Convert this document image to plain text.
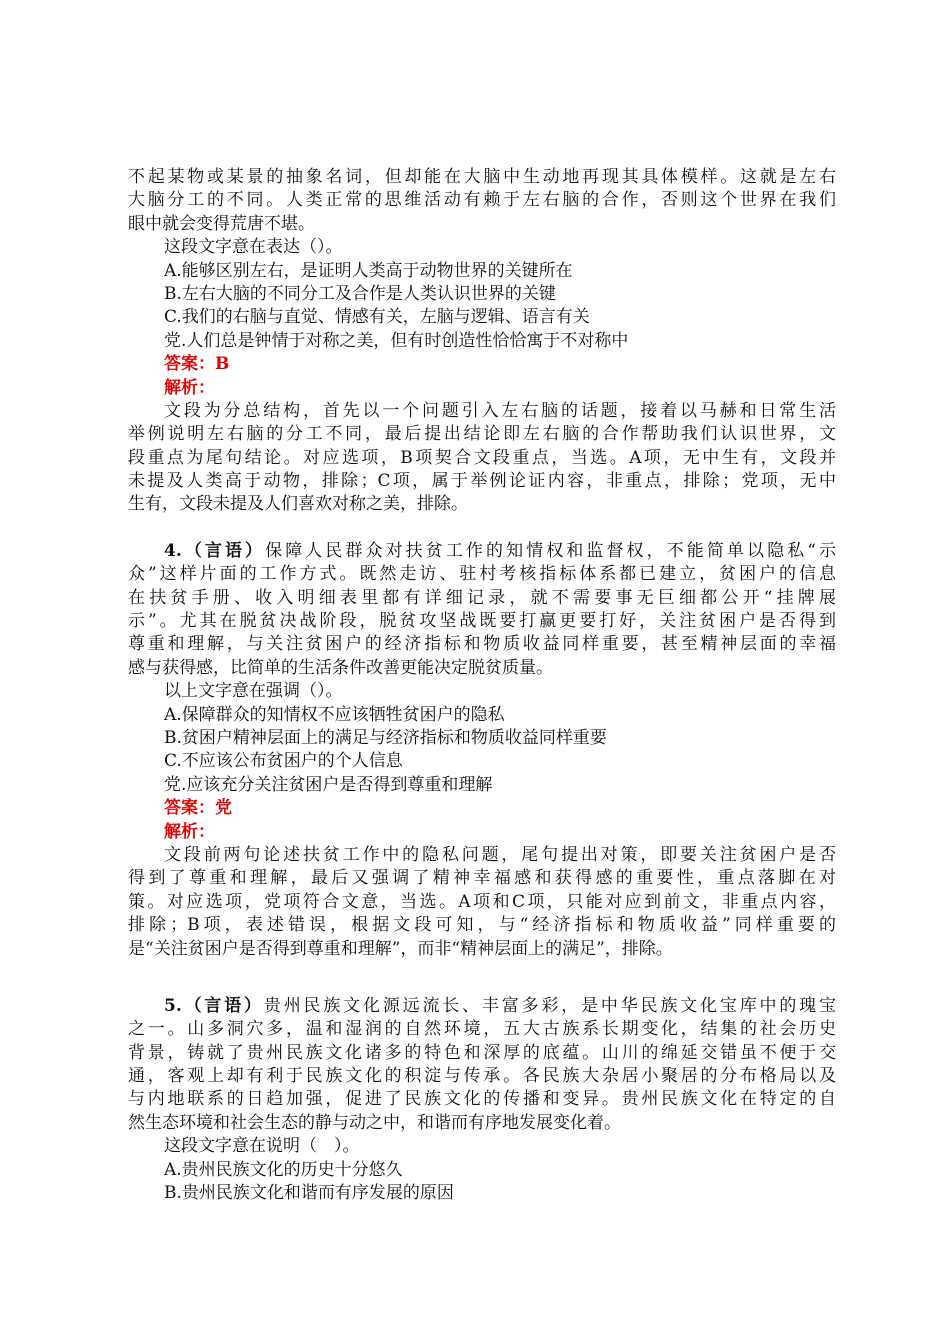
不起某物或某景的抽象名词，但却能在大脑中生动地再现其具体模样。这就是左右
大脑分工的不同。人类正常的思维活动有赖于左右脑的合作，否则这个世界在我们
眼中就会变得荒唐不堪。
这段文字意在表达（）。
A.能够区别左右，是证明人类高于动物世界的关键所在
B.左右大脑的不同分工及合作是人类认识世界的关键
C.我们的右脑与直觉、情感有关，左脑与逻辑、语言有关
党.人们总是钟情于对称之美，但有时创造性恰恰寓于不对称中
答案：B
解析：
文段为分总结构，首先以一个问题引入左右脑的话题，接着以马赫和日常生活
举例说明左右脑的分工不同，最后提出结论即左右脑的合作帮助我们认识世界，文
段重点为尾句结论。对应选项，B项契合文段重点，当选。A项，无中生有，文段并
未提及人类高于动物，排除；C项，属于举例论证内容，非重点，排除；党项，无中
生有，文段未提及人们喜欢对称之美，排除。
4.（言语）保障人民群众对扶贫工作的知情权和监督权，不能简单以隐私“示
众”这样片面的工作方式。既然走访、驻村考核指标体系都已建立，贫困户的信息
在扶贫手册、收入明细表里都有详细记录，就不需要事无巨细都公开“挂牌展
示”。尤其在脱贫决战阶段，脱贫攻坚战既要打赢更要打好，关注贫困户是否得到
尊重和理解，与关注贫困户的经济指标和物质收益同样重要，甚至精神层面的幸福
感与获得感，比简单的生活条件改善更能决定脱贫质量。
以上文字意在强调（）。
A.保障群众的知情权不应该牺牲贫困户的隐私
B.贫困户精神层面上的满足与经济指标和物质收益同样重要
C.不应该公布贫困户的个人信息
党.应该充分关注贫困户是否得到尊重和理解
答案：党
解析：
文段前两句论述扶贫工作中的隐私问题，尾句提出对策，即要关注贫困户是否
得到了尊重和理解，最后又强调了精神幸福感和获得感的重要性，重点落脚在对
策。对应选项，党项符合文意，当选。A项和C项，只能对应到前文，非重点内容，
排除；B项，表述错误，根据文段可知，与“经济指标和物质收益”同样重要的
是“关注贫困户是否得到尊重和理解”，而非“精神层面上的满足”，排除。
5.（言语）贵州民族文化源远流长、丰富多彩，是中华民族文化宝库中的瑰宝
之一。山多洞穴多，温和湿润的自然环境，五大古族系长期变化，结集的社会历史
背景，铸就了贵州民族文化诸多的特色和深厚的底蕴。山川的绵延交错虽不便于交
通，客观上却有利于民族文化的积淀与传承。各民族大杂居小聚居的分布格局以及
与内地联系的日趋加强，促进了民族文化的传播和变异。贵州民族文化在特定的自
然生态环境和社会生态的静与动之中，和谐而有序地发展变化着。
这段文字意在说明（　）。
A.贵州民族文化的历史十分悠久
B.贵州民族文化和谐而有序发展的原因
